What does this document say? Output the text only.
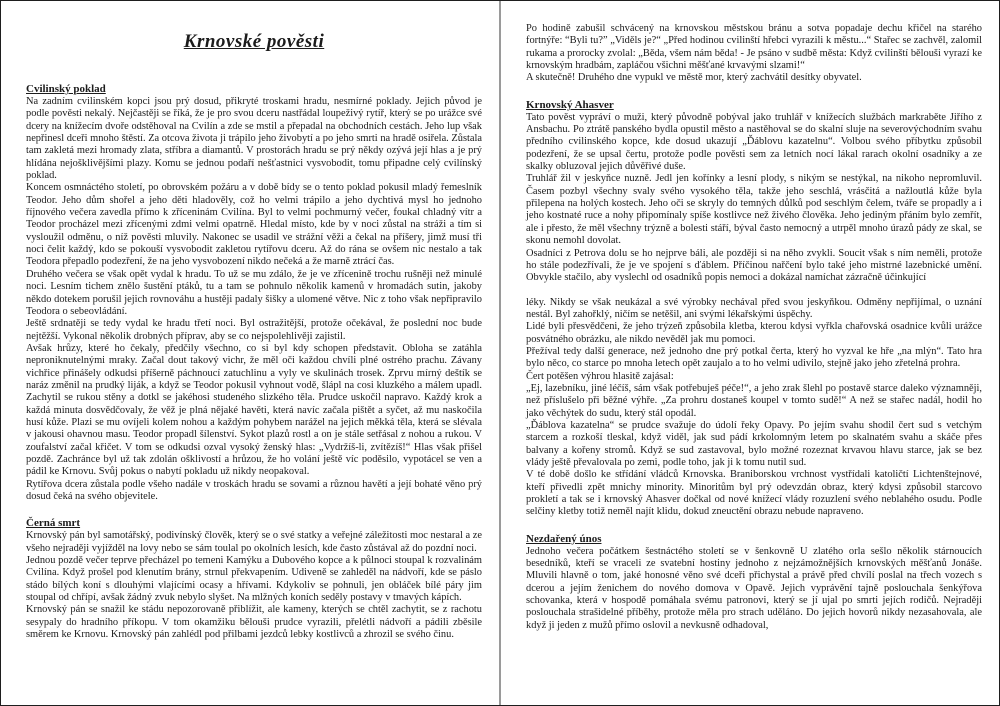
Krnovské pověsti
Cvilinský poklad
Na zadním cvilinském kopci jsou prý dosud, přikryté troskami hradu, nesmírné poklady. Jejich původ je podle pověsti nekalý. Nejčastěji se říká, že je pro svou dceru nastřádal loupeživý rytíř, který se po urážce své dcery na knížecím dvoře odstěhoval na Cvilín a zde se mstil a přepadal na obchodních cestách. Jeho lup však nepřinesl dceři mnoho štěstí. Za otcova života ji trápilo jeho živobytí a po jeho smrti na hradě osiřela. Zůstala tam zakletá mezi hromady zlata, stříbra a diamantů. V prostorách hradu se prý někdy ozývá její hlas a je prý hlídána nejošklivějšími plazy. Komu se jednou podaří nešťastnici vysvobodit, tomu připadne celý cvilínský poklad.
Koncem osmnáctého století, po obrovském požáru a v době bídy se o tento poklad pokusil mladý řemeslník Teodor. Jeho dům shořel a jeho děti hladověly, což ho velmi trápilo a jeho dychtivá mysl ho jednoho říjnového večera zavedla přímo k zříceninám Cvilína. Byl to velmi pochmurný večer, foukal chladný vítr a Teodor procházel mezi zřícenými zdmi velmi opatrně. Hledal místo, kde by v noci zůstal na stráži a tím si vysloužil odměnu, o níž pověsti mluvily. Nakonec se usadil ve strážní věži a čekal na příšery, jimž musí tři noci čelit každý, kdo se pokouší vysvobodit zakletou rytířovu dceru. Až do rána se ovšem nic nestalo a tak Teodora přepadlo podezření, že na jeho vysvobození nikdo nečeká a že marně ztrácí čas.
Druhého večera se však opět vydal k hradu. To už se mu zdálo, že je ve zřícenině trochu rušněji než minulé noci. Lesním tichem znělo šustění ptáků, tu a tam se pohnulo několik kamenů v hromadách sutin, jakoby někdo dotekem porušil jejich rovnováhu a hustěji padaly šišky a ulomené větve. Nic z toho však nepřipravilo Teodora o sebeovládání.
Ještě srdnatěji se tedy vydal ke hradu třetí noci. Byl ostražitější, protože očekával, že poslední noc bude nejtěžší. Vykonal několik drobných příprav, aby se co nejspolehlivěji zajistil.
Avšak hrůzy, které ho čekaly, předčily všechno, co si byl kdy schopen představit. Obloha se zatáhla neproniknutelnými mraky. Začal dout takový vichr, že měl oči každou chvíli plné ostrého prachu. Závany vichřice přinášely odkudsi příšerně páchnoucí zatuchlinu a vyly ve skulinách trosek. Zprvu mírný deštík se naráz změnil na prudký liják, a když se Teodor pokusil vyhnout vodě, šlápl na cosi kluzkého a málem upadl. Zachytil se rukou stěny a dotkl se jakéhosi studeného slizkého těla. Prudce uskočil napravo. Každý krok a každá minuta dosvědčovaly, že věž je plná nějaké havěti, která navíc začala pištět a syčet, až mu naskočila husí kůže. Plazi se mu ovíjeli kolem nohou a každým pohybem narážel na jejich měkká těla, která se slévala v jakousi ohavnou masu. Teodor propadl šílenství. Sykot plazů rostl a on je stále setřásal z nohou a rukou. V zoufalství začal křičet. V tom se odkudsi ozval vysoký ženský hlas: „Vydržíš-li, zvítězíš!“ Hlas však přišel pozdě. Zachránce byl už tak zdolán ošklivostí a hrůzou, že ho volání ještě víc poděsilo, vypotácel se ven a pádil ke Krnovu. Svůj pokus o nabytí pokladu už nikdy neopakoval.
Rytířova dcera zůstala podle všeho nadále v troskách hradu se sovami a různou havětí a její bohaté věno prý dosud čeká na svého objevitele.
Černá smrt
Krnovský pán byl samotářský, podivínský člověk, který se o své statky a veřejné záležitosti moc nestaral a ze všeho nejraději vyjížděl na lovy nebo se sám toulal po okolních lesích, kde často zůstával až do pozdní noci.
Jednou pozdě večer teprve přecházel po temeni Kamýku a Dubového kopce a k půlnoci stoupal k rozvalinám Cvilína. Když prošel pod klenutím brány, strnul překvapením. Udiveně se zahleděl na nádvoří, kde se páslo stádo bílých koní s dlouhými vlajícími ocasy a hřívami. Kdykoliv se pohnuli, jen obláček bílé páry jim stoupal od chřípí, avšak žádný zvuk nebylo slyšet. Na mlžných koních seděly postavy v tmavých kápích.
Krnovský pán se snažil ke stádu nepozorovaně přiblížit, ale kameny, kterých se chtěl zachytit, se z rachotu sesypaly do hradního příkopu. V tom okamžiku bělouši prudce vyrazili, přelétli nádvoří a pádili zběsile směrem ke Krnovu. Krnovský pán zahlédl pod přilbami jezdců lebky kostlivců a zhrozil se svého činu.
Po hodině zabušil schvácený na krnovskou městskou bránu a sotva popadaje dechu křičel na starého fortnýře: “Byli tu?” „Viděls je?“ „Před hodinou cvilinští hřebci vyrazili k městu...“ Stařec se zachvěl, zalomil rukama a prorocky zvolal: „Běda, všem nám běda! - Je psáno v sudbě města: Když cvilinští bělouši vyrazí ke krnovským hradbám, zapláčou všichni měšťané krvavými slzami!“
A skutečně! Druhého dne vypukl ve městě mor, který zachvátil desítky obyvatel.
Krnovský Ahasver
Tato pověst vypráví o muži, který původně pobýval jako truhlář v knížecích službách markraběte Jiřího z Ansbachu. Po ztrátě panského bydla opustil město a nastěhoval se do skalní sluje na severovýchodním svahu předního cvilinského kopce, kde dosud ukazují „Ďáblovu kazatelnu“. Volbou svého příbytku způsobil podezření, že se upsal čertu, protože podle pověsti sem za letních nocí lákal rarach okolní osadníky a ze skalky obluzoval jejich důvěřivé duše.
Truhlář žil v jeskyňce nuzně. Jedl jen kořínky a lesní plody, s nikým se nestýkal, na nikoho nepromluvil. Časem pozbyl všechny svaly svého vysokého těla, takže jeho seschlá, vrásčitá a nažloutlá kůže byla přilepena na holých kostech. Jeho oči se skryly do temných důlků pod seschlým čelem, tváře se propadly a i jeho kostnaté ruce a nohy připomínaly spíše kostlivce než živého člověka. Jeho jediným přáním bylo zemřít, ale i přesto, že měl všechny trýzně a bolesti stáří, býval často nemocný a utrpěl mnoho úrazů pády ze skal, se skonu nemohl dovolat.
Osadníci z Petrova dolu se ho nejprve báli, ale později si na něho zvykli. Soucit však s ním neměli, protože ho stále podezřívali, že je ve spojení s ďáblem. Příčinou nařčení bylo také jeho mistrné lazebnické umění. Obvykle stačilo, aby vyslechl od osadníků popis nemoci a dokázal namíchat zázračně účinkující
léky. Nikdy se však neukázal a své výrobky nechával před svou jeskyňkou. Odměny nepřijímal, o uznání nestál. Byl zahořklý, ničím se netěšil, ani svými lékařskými úspěchy.
Lidé byli přesvědčeni, že jeho trýzeň způsobila kletba, kterou kdysi vyřkla chařovská osadnice kvůli urážce posvátného obrázku, ale nikdo nevěděl jak mu pomoci.
Přežíval tedy další generace, než jednoho dne prý potkal čerta, který ho vyzval ke hře „na mlýn“. Tato hra bylo něco, co starce po mnoha letech opět zaujalo a to ho velmi udivilo, stejně jako jeho zřetelná prohra.
Čert potěšen výhrou hlasitě zajásal:
„Ej, lazebníku, jiné léčíš, sám však potřebuješ péče!“, a jeho zrak šlehl po postavě starce daleko významněji, než příslušelo při běžné výhře. „Za prohru dostaneš koupel v tomto sudě!“ A než se stařec nadál, hodil ho jako věchýtek do sudu, který stál opodál.
„Ďáblova kazatelna“ se prudce svažuje do údolí řeky Opavy. Po jejím svahu shodil čert sud s vetchým starcem a rozkoší tleskal, když viděl, jak sud pádí krkolomným letem po skalnatém svahu a skáče přes balvany a kořeny stromů. Když se sud zastavoval, bylo možné rozeznat krvavou hlavu starce, jak se bez vlády ještě převalovala po zemi, podle toho, jak ji k tomu nutil sud.
V té době došlo ke střídání vládců Krnovska. Braniborskou vrchnost vystřídali katoličtí Lichtenštejnové, kteří přivedli zpět mnichy minority. Minoritům byl prý odevzdán obraz, který kdysi způsobil starcovo prokletí a tak se i krnovský Ahasver dočkal od nové knížecí vlády rozuzlení svého neblahého osudu. Podle selčiny kletby totiž neměl najít klidu, dokud zneuctění obrazu nebude napraveno.
Nezdařený únos
Jednoho večera počátkem šestnáctého století se v šenkovně U zlatého orla sešlo několik stárnoucích besedníků, kteří se vraceli ze svatební hostiny jednoho z nejzámožnějších krnovských měšťanů Jonáše. Mluvili hlavně o tom, jaké honosné věno své dceři přichystal a právě před chvílí poslal na třech vozech s dcerou a jejím ženichem do nového domova v Opavě. Jejich vyprávění tajně poslouchala šenkýřova schovanka, která v hospodě pomáhala svému patronovi, který se jí ujal po smrti jejích rodičů. Nejraději poslouchala strašidelné příběhy, protože měla pro strach uděláno. Do jejich hovorů nikdy nezasahovala, ale když ji jeden z mužů přímo oslovil a nevkusně odhadoval,
